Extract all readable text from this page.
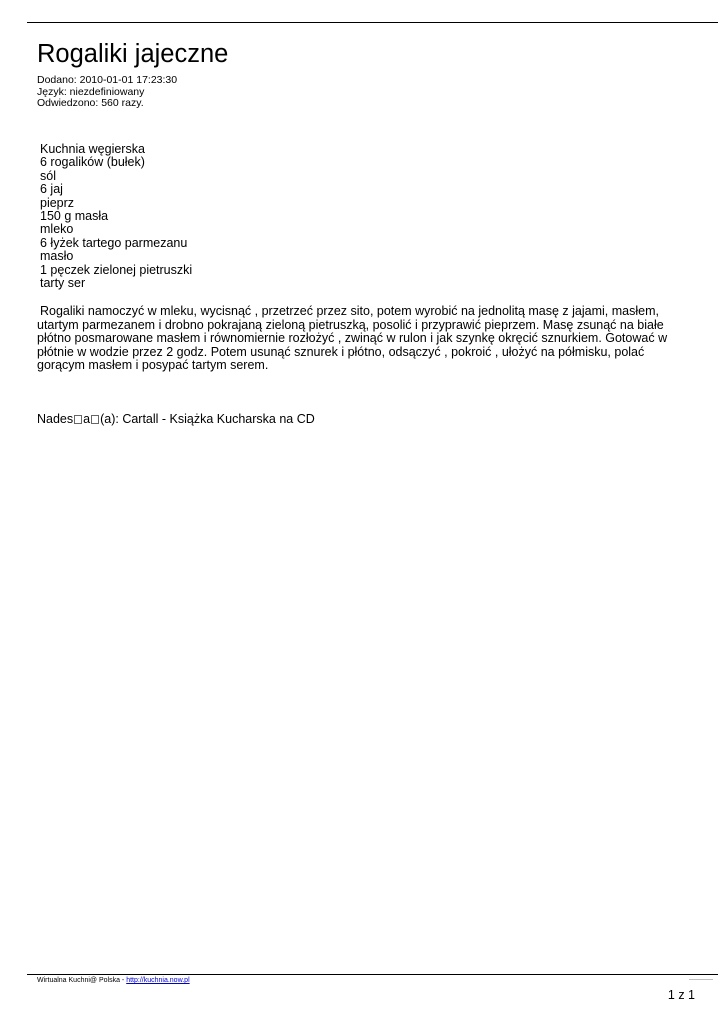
Rogaliki jajeczne
Dodano: 2010-01-01 17:23:30
Język: niezdefiniowany
Odwiedzono: 560 razy.
Kuchnia węgierska
6 rogalików (bułek)
sól
6 jaj
pieprz
150 g masła
mleko
6 łyżek tartego parmezanu
masło
1 pęczek zielonej pietruszki
tarty ser
Rogaliki namoczyć w mleku, wycisnąć , przetrzeć przez sito, potem wyrobić na jednolitą masę z jajami, masłem, utartym parmezanem i drobno pokrajaną zieloną pietruszką, posolić i przyprawić pieprzem. Masę zsunąć na białe płótno posmarowane masłem i równomiernie rozłożyć , zwinąć w rulon i jak szynkę okręcić sznurkiem. Gotować w płótnie w wodzie przez 2 godz. Potem usunąć sznurek i płótno, odsączyć , pokroić , ułożyć na półmisku, polać gorącym masłem i posypać tartym serem.
Nades a (a): Cartall - Książka Kucharska na CD
Wirtualna Kuchni@ Polska - http://kuchnia.now.pl	▬▬▬▬▬▬▬▬
1 z 1
